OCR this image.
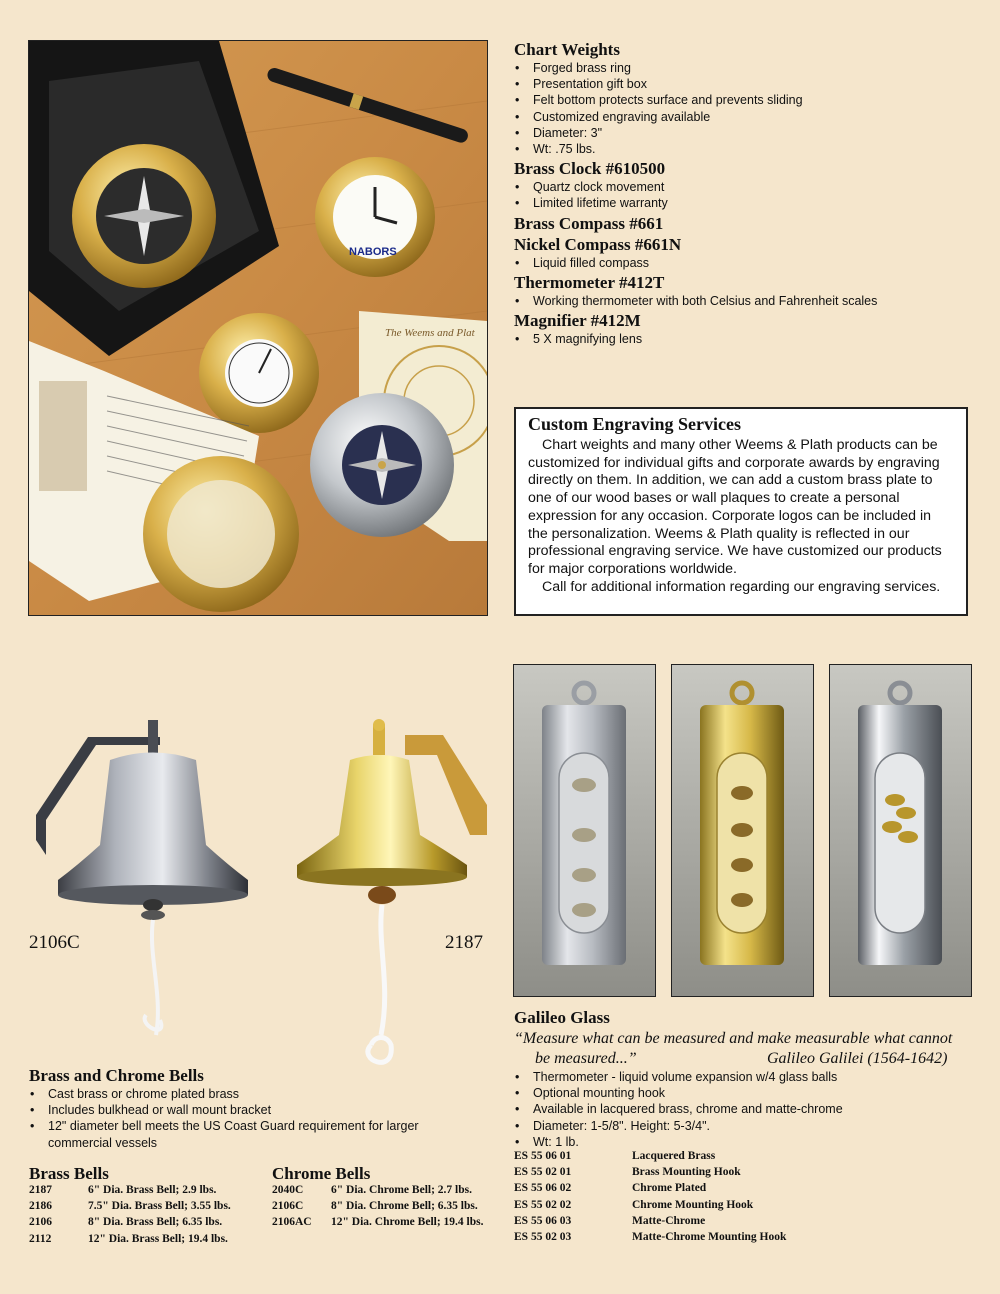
NABORS
The Weems and Plat
Chart Weights
• Forged brass ring
• Presentation gift box
• Felt bottom protects surface and prevents sliding
• Customized engraving available
• Diameter: 3"
• Wt: .75 lbs.
Brass Clock #610500
• Quartz clock movement
• Limited lifetime warranty
Brass Compass #661
Nickel Compass #661N
• Liquid filled compass
Thermometer #412T
• Working thermometer with both Celsius and Fahrenheit scales
Magnifier #412M
• 5 X magnifying lens
Custom Engraving Services

Chart weights and many other Weems & Plath products can be customized for individual gifts and corporate awards by engraving directly on them. In addition, we can add a custom brass plate to one of our wood bases or wall plaques to create a personal expression for any occasion. Corporate logos can be included in the personalization. Weems & Plath quality is reflected in our professional engraving service. We have customized our products for major corporations worldwide.

Call for additional information regarding our engraving services.

2106C	2187
Brass and Chrome Bells
• Cast brass or chrome plated brass
• Includes bulkhead or wall mount bracket
• 12" diameter bell meets the US Coast Guard requirement for larger commercial vessels
Brass Bells
2187	6" Dia. Brass Bell; 2.9 lbs.
2186	7.5" Dia. Brass Bell; 3.55 lbs.
2106	8" Dia. Brass Bell; 6.35 lbs.
2112	12" Dia. Brass Bell; 19.4 lbs.
Chrome Bells
2040C	6" Dia. Chrome Bell; 2.7 lbs.
2106C	8" Dia. Chrome Bell; 6.35 lbs.
2106AC	12" Dia. Chrome Bell; 19.4 lbs.
Galileo Glass
“Measure what can be measured and make measurable what cannot
be measured...”	Galileo Galilei (1564-1642)
• Thermometer - liquid volume expansion w/4 glass balls
• Optional mounting hook
• Available in lacquered brass, chrome and matte-chrome
• Diameter: 1-5/8". Height: 5-3/4".
• Wt: 1 lb.
ES 55 06 01	Lacquered Brass
ES 55 02 01	Brass Mounting Hook
ES 55 06 02	Chrome Plated
ES 55 02 02	Chrome Mounting Hook
ES 55 06 03	Matte-Chrome
ES 55 02 03	Matte-Chrome Mounting Hook
